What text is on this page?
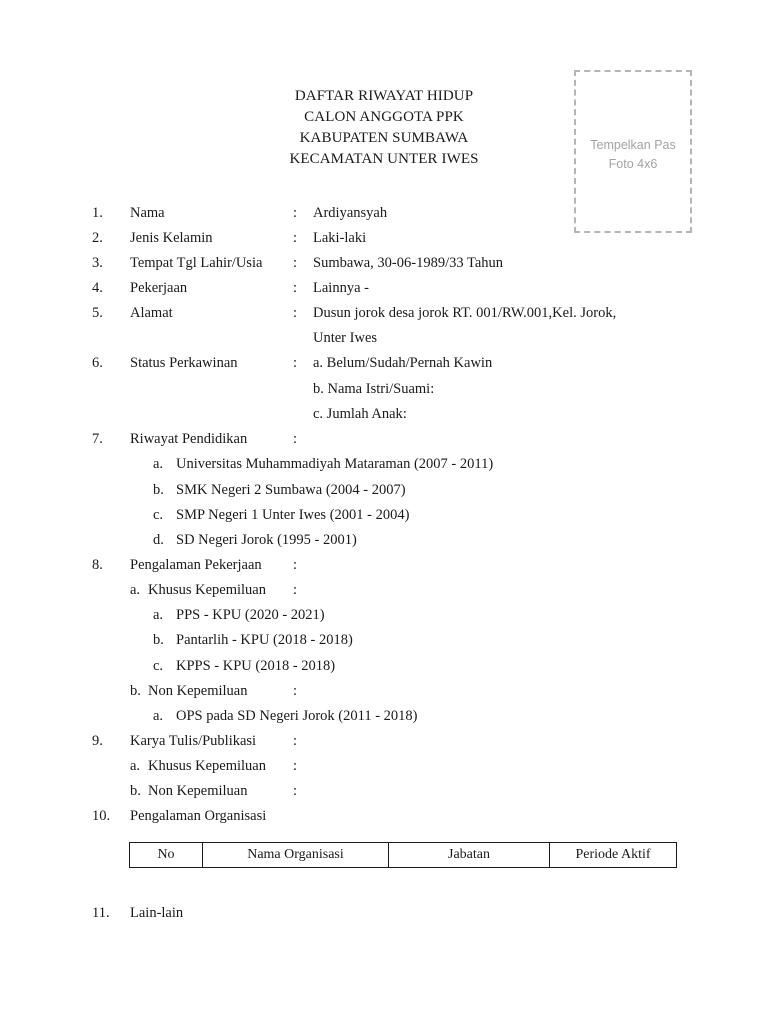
DAFTAR RIWAYAT HIDUP
CALON ANGGOTA PPK
KABUPATEN SUMBAWA
KECAMATAN UNTER IWES
Tempelkan Pas
Foto 4x6
1. Nama	: Ardiyansyah
2. Jenis Kelamin	: Laki-laki
3. Tempat Tgl Lahir/Usia : Sumbawa, 30-06-1989/33 Tahun
4. Pekerjaan	: Lainnya -
5. Alamat	: Dusun jorok desa jorok RT. 001/RW.001,Kel. Jorok,
Unter Iwes
6. Status Perkawinan	: a. Belum/Sudah/Pernah Kawin
b. Nama Istri/Suami:
c. Jumlah Anak:
7. Riwayat Pendidikan	:
a. Universitas Muhammadiyah Mataraman (2007 - 2011)
b. SMK Negeri 2 Sumbawa (2004 - 2007)
c. SMP Negeri 1 Unter Iwes (2001 - 2004)
d. SD Negeri Jorok (1995 - 2001)
8. Pengalaman Pekerjaan :
a. Khusus Kepemiluan :
a. PPS - KPU (2020 - 2021)
b. Pantarlih - KPU (2018 - 2018)
c. KPPS - KPU (2018 - 2018)
b. Non Kepemiluan	:
a. OPS pada SD Negeri Jorok (2011 - 2018)
9. Karya Tulis/Publikasi	:
a. Khusus Kepemiluan :
b. Non Kepemiluan	:
10. Pengalaman Organisasi
No	Nama Organisasi	Jabatan	Periode Aktif
11. Lain-lain
